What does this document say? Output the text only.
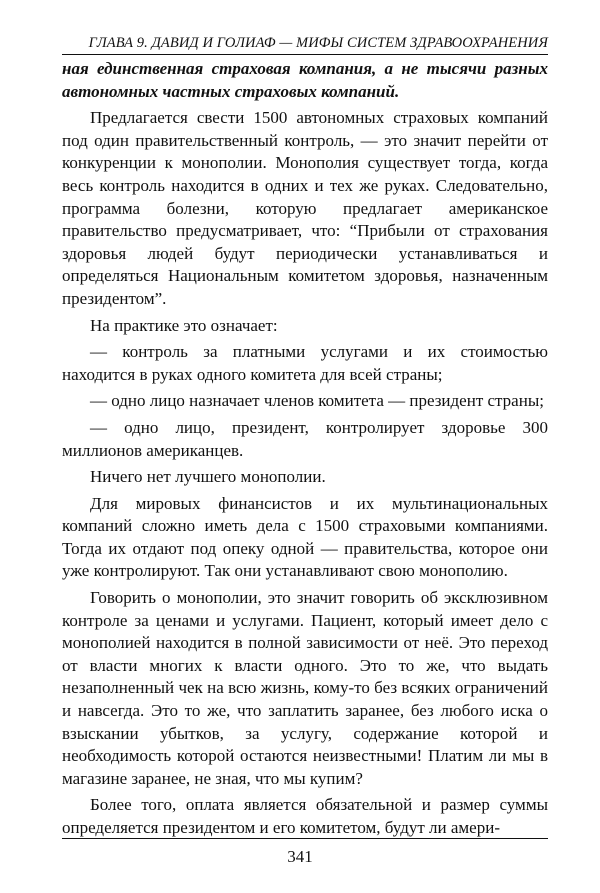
ГЛАВА 9. ДАВИД И ГОЛИАФ — МИФЫ СИСТЕМ ЗДРАВООХРАНЕНИЯ

ная единственная страховая компания, а не тысячи разных автономных частных страховых компаний.

Предлагается свести 1500 автономных страховых компаний под один правительственный контроль, — это значит перейти от конкуренции к монополии. Монополия существует тогда, когда весь контроль находится в одних и тех же руках. Следовательно, программа болезни, которую предлагает американское правительство предусматривает, что: “Прибыли от страхования здоровья людей будут периодически устанавливаться и определяться Национальным комитетом здоровья, назначенным президентом”.

На практике это означает:

— контроль за платными услугами и их стоимостью находится в руках одного комитета для всей страны;

— одно лицо назначает членов комитета — президент страны;

— одно лицо, президент, контролирует здоровье 300 миллионов американцев.

Ничего нет лучшего монополии.

Для мировых финансистов и их мультинациональных компаний сложно иметь дела с 1500 страховыми компаниями. Тогда их отдают под опеку одной — правительства, которое они уже контролируют. Так они устанавливают свою монополию.

Говорить о монополии, это значит говорить об эксклюзивном контроле за ценами и услугами. Пациент, который имеет дело с монополией находится в полной зависимости от неё. Это переход от власти многих к власти одного. Это то же, что выдать незаполненный чек на всю жизнь, кому-то без всяких ограничений и навсегда. Это то же, что заплатить заранее, без любого иска о взыскании убытков, за услугу, содержание которой и необходимость которой остаются неизвестными! Платим ли мы в магазине заранее, не зная, что мы купим?

Более того, оплата является обязательной и размер суммы определяется президентом и его комитетом, будут ли амери-

341
